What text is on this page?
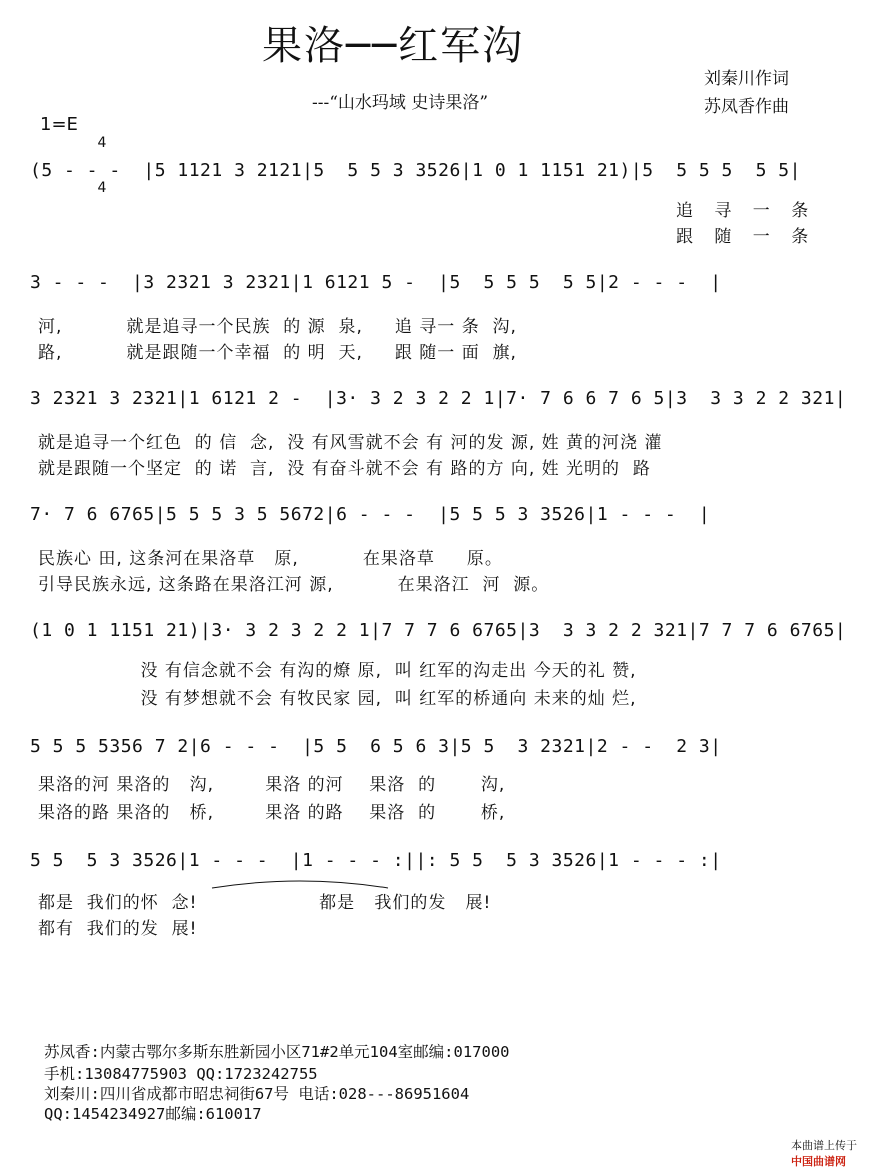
果洛──红军沟
---“山水玛域 史诗果洛”
刘秦川作词
苏凤香作曲
1=E

4

4

(5 - - -  |5 1121 3 2121|5  5 5 3 3526|1 0 1 1151 21)|5  5 5 5  5 5|
追 寻 一 条
跟 随 一 条
3 - - -  |3 2321 3 2321|1 6121 5 -  |5  5 5 5  5 5|2 - - -  |
河,          就是追寻一个民族  的 源  泉,     追 寻一 条  沟,
路,          就是跟随一个幸福  的 明  天,     跟 随一 面  旗,
3 2321 3 2321|1 6121 2 -  |3· 3 2 3 2 2 1|7· 7 6 6 7 6 5|3  3 3 2 2 321|
就是追寻一个红色  的 信  念,  没 有风雪就不会 有 河的发 源, 姓 黄的河浇 灌
就是跟随一个坚定  的 诺  言,  没 有奋斗就不会 有 路的方 向, 姓 光明的  路
7· 7 6 6765|5 5 5 3 5 5672|6 - - -  |5 5 5 3 3526|1 - - -  |
民族心 田, 这条河在果洛草   原,          在果洛草     原。
引导民族永远, 这条路在果洛江河 源,          在果洛江  河  源。
(1 0 1 1151 21)|3· 3 2 3 2 2 1|7 7 7 6 6765|3  3 3 2 2 321|7 7 7 6 6765|
没 有信念就不会 有沟的燎 原,  叫 红军的沟走出 今天的礼 赞,
没 有梦想就不会 有牧民家 园,  叫 红军的桥通向 未来的灿 烂,
5 5 5 5356 7 2|6 - - -  |5 5  6 5 6 3|5 5  3 2321|2 - -  2 3|
果洛的河 果洛的   沟,        果洛 的河    果洛  的       沟,
果洛的路 果洛的   桥,        果洛 的路    果洛  的       桥,
5 5  5 3 3526|1 - - -  |1 - - - :||: 5 5  5 3 3526|1 - - - :|
都是  我们的怀  念!                   都是   我们的发   展!
都有  我们的发  展!
苏凤香:内蒙古鄂尔多斯东胜新园小区71#2单元104室邮编:017000
手机:13084775903 QQ:1723242755
刘秦川:四川省成都市昭忠祠街67号 电话:028---86951604
QQ:1454234927邮编:610017

本曲谱上传于
中国曲谱网
